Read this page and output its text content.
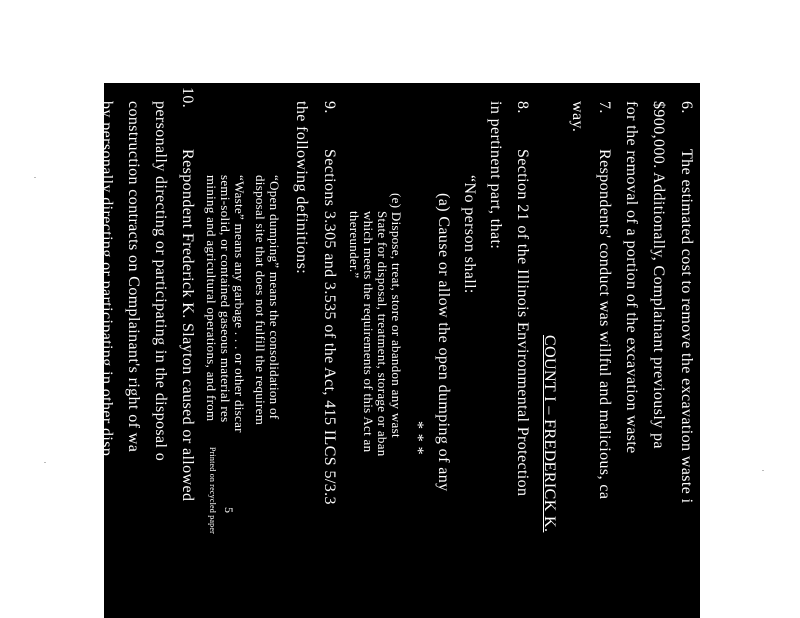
6.
The estimated cost to remove the excavation waste i
$900,000. Additionally, Complainant previously pa
for the removal of a portion of the excavation waste
7.
Respondents' conduct was willful and malicious, ca
way.
COUNT I – FREDERICK K.
8.
Section 21 of the Illinois Environmental Protection
in pertinent part, that:
“No person shall:
(a) Cause or allow the open dumping of any
* * *
(e) Dispose, treat, store or abandon any wast
State for disposal, treatment, storage or aban
which meets the requirements of this Act an
thereunder.”
9.
Sections 3.305 and 3.535 of the Act, 415 ILCS 5/3.3
the following definitions:
“Open dumping” means the consolidation of
disposal site that does not fulfill the requirem
“Waste” means any garbage . . . or other discar
semi-solid, or contained gaseous material res
mining and agricultural operations, and from
10.
Respondent Frederick K. Slayton caused or allowed
personally directing or participating in the disposal o
construction contracts on Complainant's right of wa
by personally directing or participating in other disp
of way.
5
Printed on recycled paper
